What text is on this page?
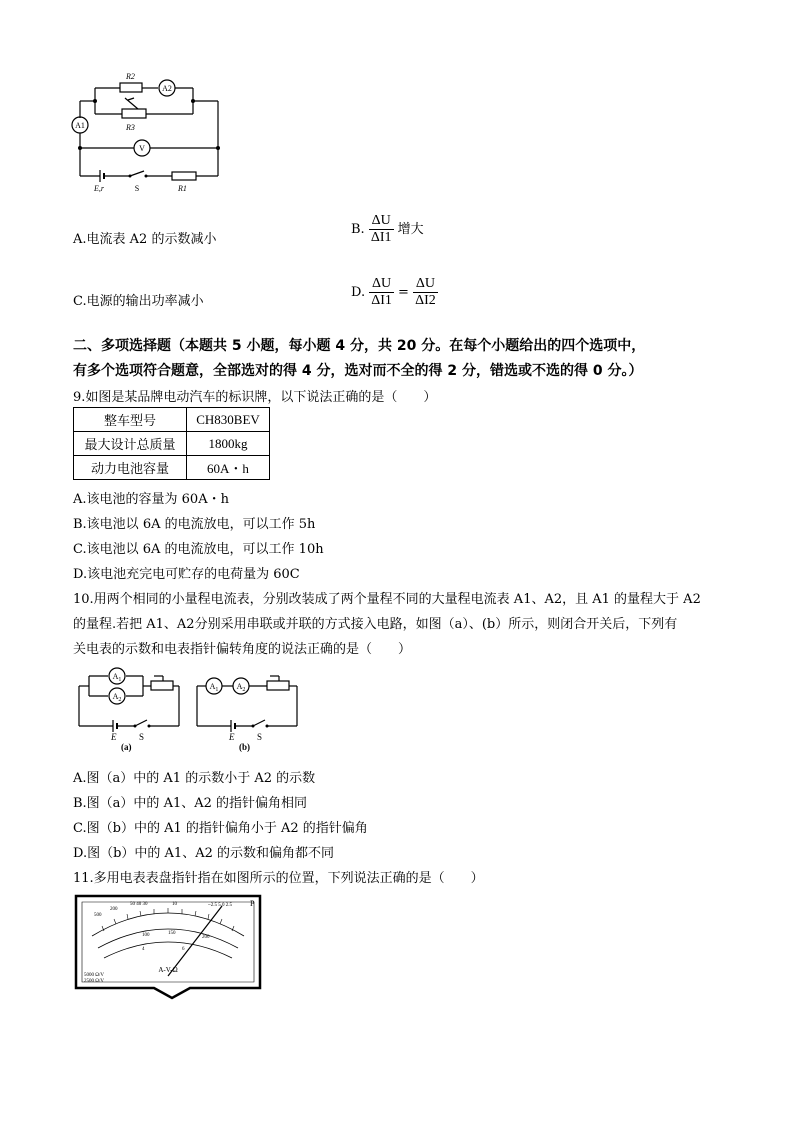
R2
R3
R1
E,r
A1
A2
V
S
A.电流表 A2 的示数减小
B. $\frac{\Delta U}{\Delta I1}$ 增大
C.电源的输出功率减小
D. $\frac{\Delta U}{\Delta I1} = \frac{\Delta U}{\Delta I2}$
二、多项选择题（本题共 5 小题，每小题 4 分，共 20 分。在每个小题给出的四个选项中，
有多个选项符合题意，全部选对的得 4 分，选对而不全的得 2 分，错选或不选的得 0 分。）
9.如图是某品牌电动汽车的标识牌，以下说法正确的是（　　）
整车型号	CH830BEV
最大设计总质量	1800kg
动力电池容量	60A・h
A.该电池的容量为 60A・h
B.该电池以 6A 的电流放电，可以工作 5h
C.该电池以 6A 的电流放电，可以工作 10h
D.该电池充完电可贮存的电荷量为 60C
10.用两个相同的小量程电流表，分别改装成了两个量程不同的大量程电流表 A1、A2，且 A1 的量程大于 A2
的量程.若把 A1、A2分别采用串联或并联的方式接入电路，如图（a）、(b）所示，则闭合开关后，下列有
关电表的示数和电表指针偏转角度的说法正确的是（　　）
$A_1$
$A_2$
$A_1$ $A_2$
E	S
(a)
E	S
(b)
A.图（a）中的 A1 的示数小于 A2 的示数
B.图（a）中的 A1、A2 的指针偏角相同
C.图（b）中的 A1 的指针偏角小于 A2 的指针偏角
D.图（b）中的 A1、A2 的示数和偏角都不同
11.多用电表表盘指针指在如图所示的位置，下列说法正确的是（　　）
500
200
50 40 30	10	~2.5 5.0 2.5
100	150
200
4	6
P
A-V-Ω
5000 Ω/V
2500 Ω/V
